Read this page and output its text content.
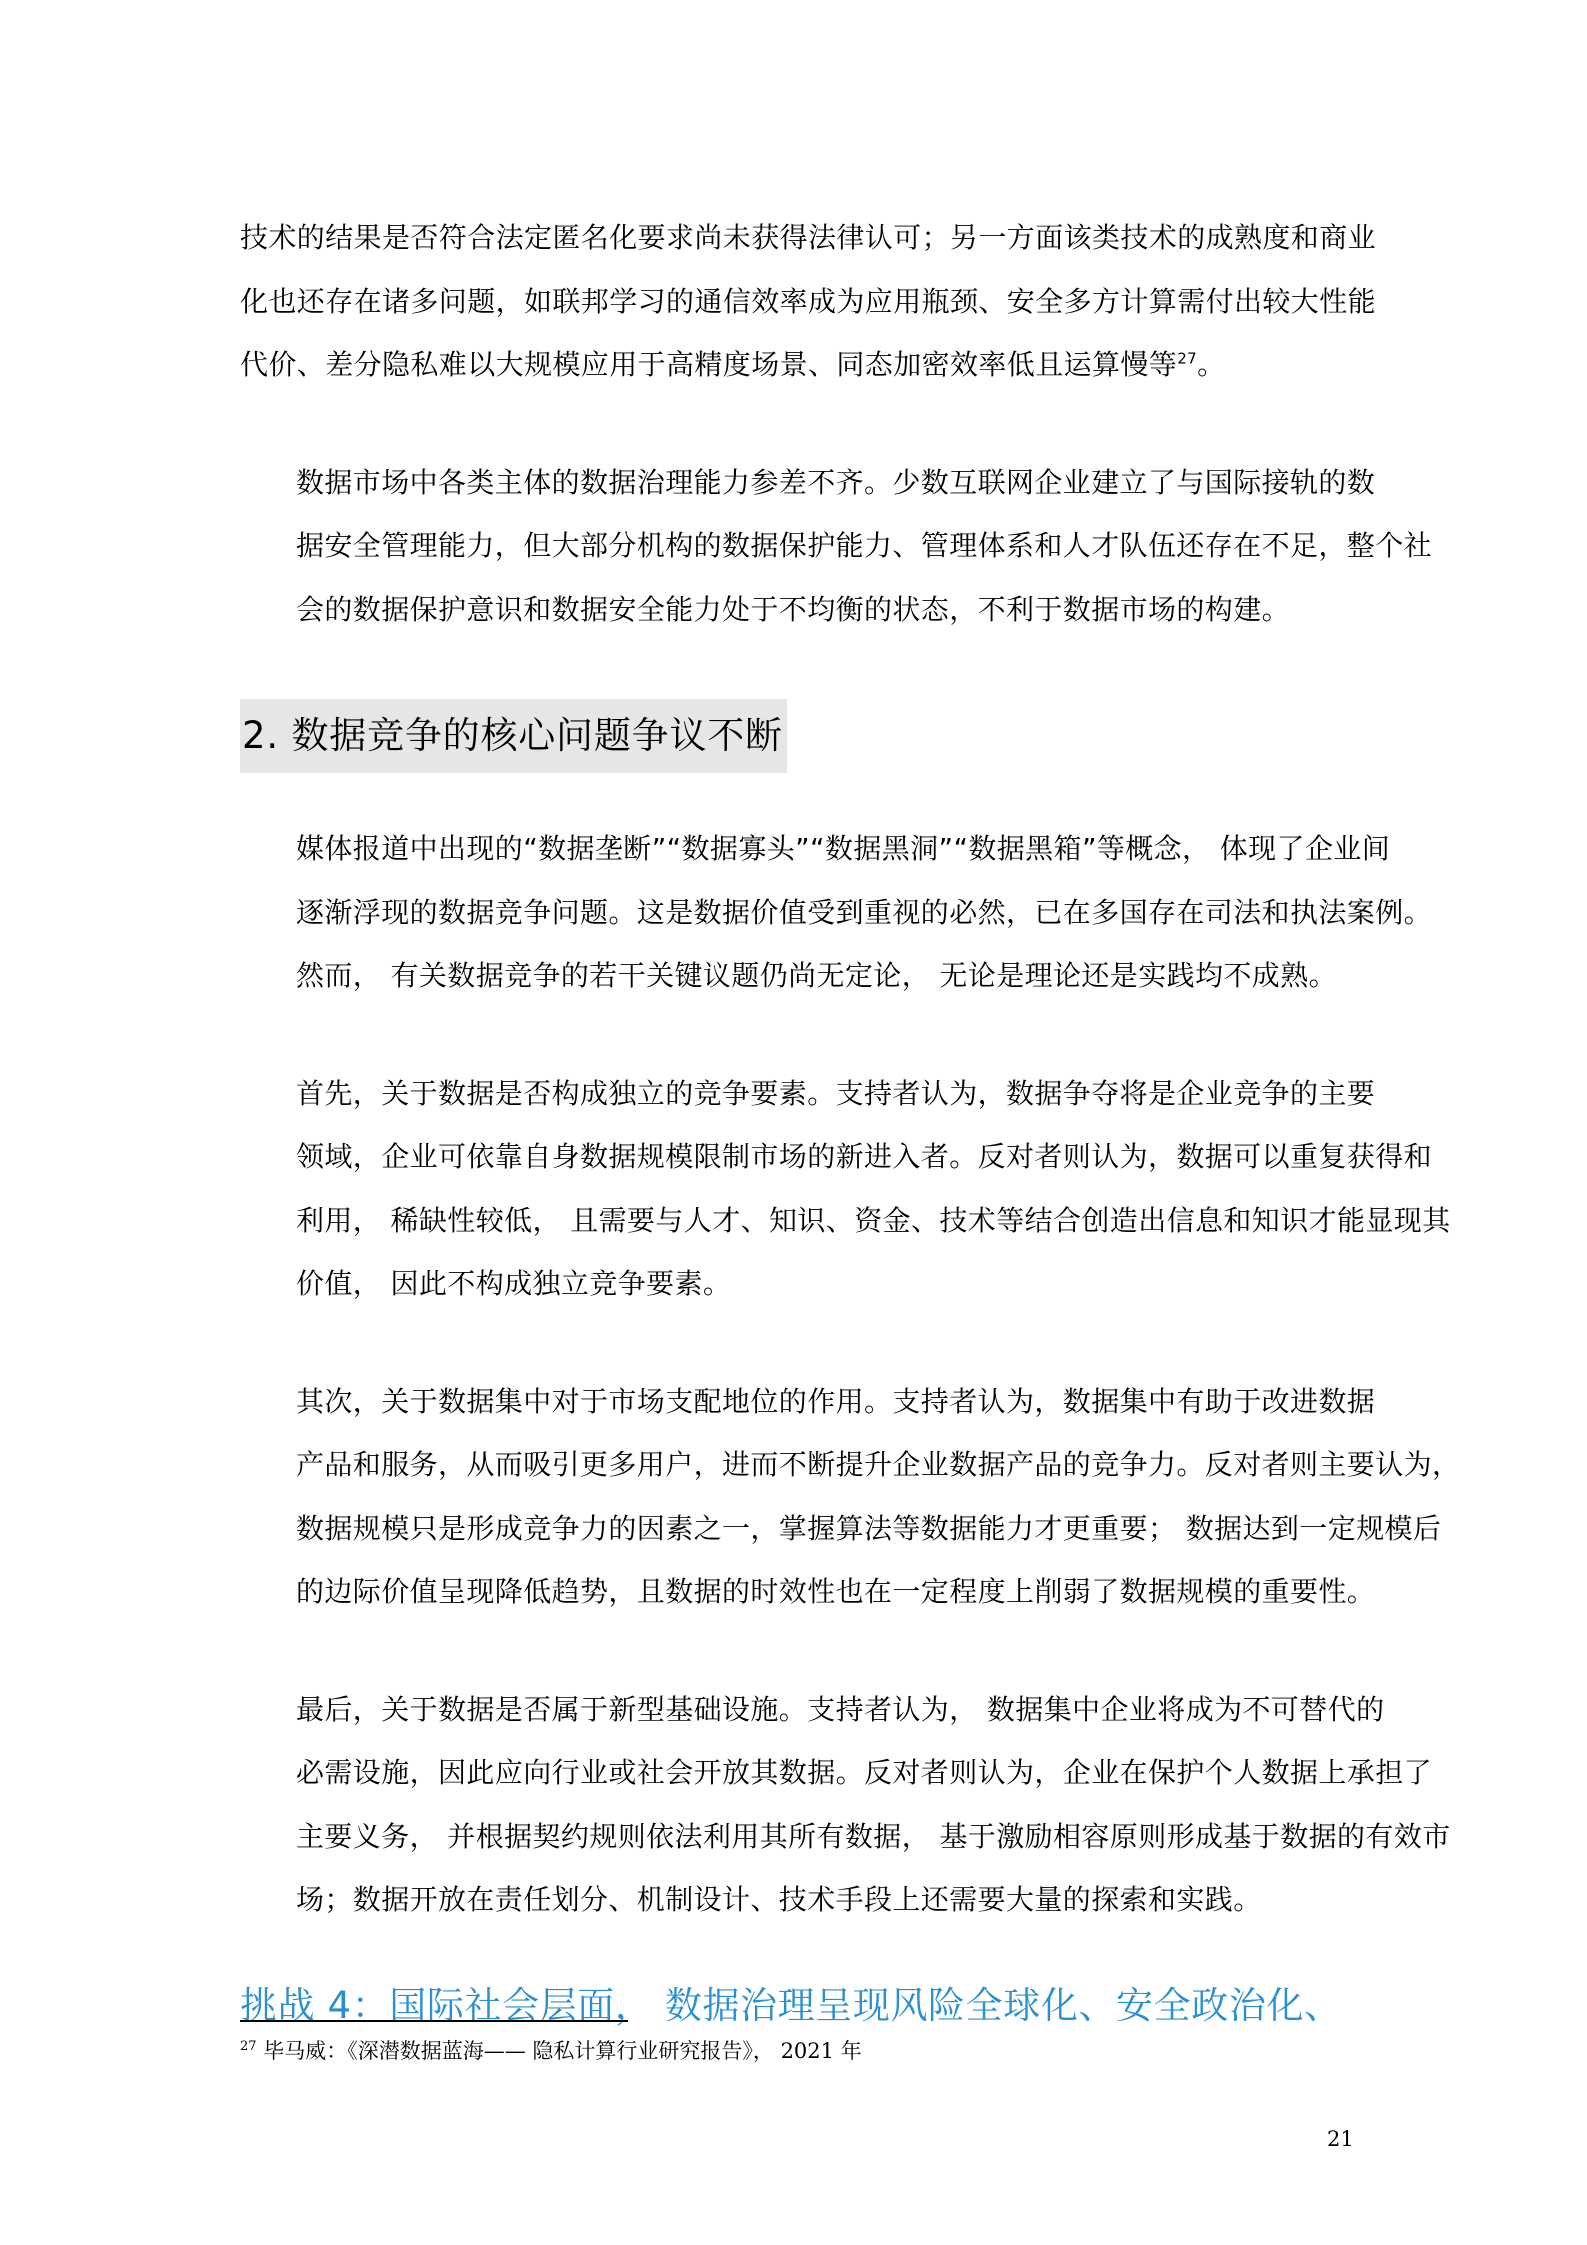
技术的结果是否符合法定匿名化要求尚未获得法律认可；另一方面该类技术的成熟度和商业
化也还存在诸多问题，如联邦学习的通信效率成为应用瓶颈、安全多方计算需付出较大性能
代价、差分隐私难以大规模应用于高精度场景、同态加密效率低且运算慢等$^{27}$。

数据市场中各类主体的数据治理能力参差不齐。少数互联网企业建立了与国际接轨的数
据安全管理能力，但大部分机构的数据保护能力、管理体系和人才队伍还存在不足，整个社
会的数据保护意识和数据安全能力处于不均衡的状态，不利于数据市场的构建。

2. 数据竞争的核心问题争议不断

媒体报道中出现的“数据垄断”“数据寡头”“数据黑洞”“数据黑箱”等概念， 体现了企业间
逐渐浮现的数据竞争问题。这是数据价值受到重视的必然，已在多国存在司法和执法案例。
然而， 有关数据竞争的若干关键议题仍尚无定论， 无论是理论还是实践均不成熟。

首先，关于数据是否构成独立的竞争要素。支持者认为，数据争夺将是企业竞争的主要
领域，企业可依靠自身数据规模限制市场的新进入者。反对者则认为，数据可以重复获得和
利用， 稀缺性较低， 且需要与人才、知识、资金、技术等结合创造出信息和知识才能显现其
价值， 因此不构成独立竞争要素。

其次，关于数据集中对于市场支配地位的作用。支持者认为，数据集中有助于改进数据
产品和服务，从而吸引更多用户，进而不断提升企业数据产品的竞争力。反对者则主要认为，
数据规模只是形成竞争力的因素之一，掌握算法等数据能力才更重要； 数据达到一定规模后
的边际价值呈现降低趋势，且数据的时效性也在一定程度上削弱了数据规模的重要性。

最后，关于数据是否属于新型基础设施。支持者认为， 数据集中企业将成为不可替代的
必需设施，因此应向行业或社会开放其数据。反对者则认为，企业在保护个人数据上承担了
主要义务， 并根据契约规则依法利用其所有数据， 基于激励相容原则形成基于数据的有效市
场；数据开放在责任划分、机制设计、技术手段上还需要大量的探索和实践。

挑战 4：国际社会层面， 数据治理呈现风险全球化、安全政治化、
$^{27}$ 毕马威：《深潜数据蓝海—— 隐私计算行业研究报告》， 2021 年
21
